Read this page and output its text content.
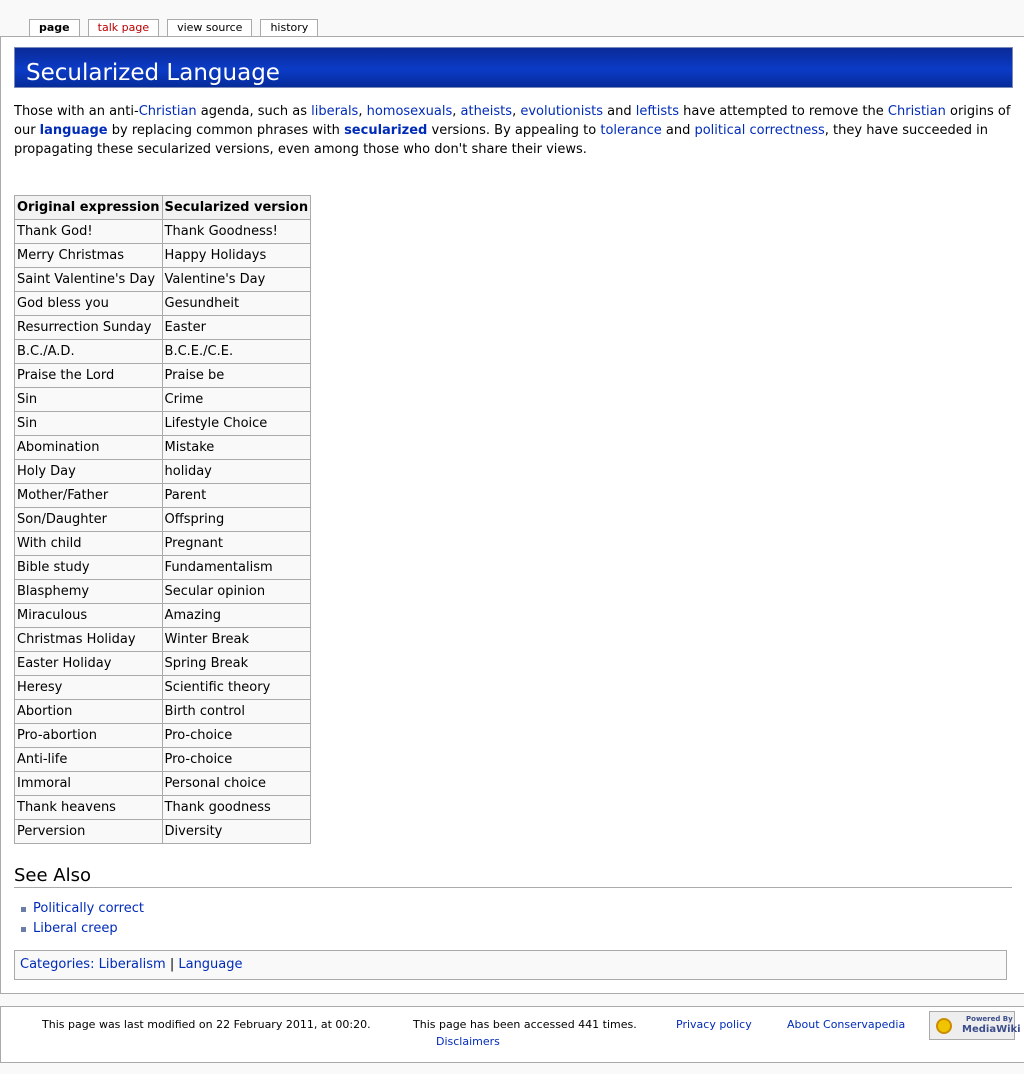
page	talk page	view source	history
Secularized Language

Those with an anti-Christian agenda, such as liberals, homosexuals, atheists, evolutionists and leftists have attempted to remove the Christian origins of our language by replacing common phrases with secularized versions. By appealing to tolerance and political correctness, they have succeeded in propagating these secularized versions, even among those who don't share their views.

Original expression	Secularized version
Thank God!	Thank Goodness!
Merry Christmas	Happy Holidays
Saint Valentine's Day	Valentine's Day
God bless you	Gesundheit
Resurrection Sunday	Easter
B.C./A.D.	B.C.E./C.E.
Praise the Lord	Praise be
Sin	Crime
Sin	Lifestyle Choice
Abomination	Mistake
Holy Day	holiday
Mother/Father	Parent
Son/Daughter	Offspring
With child	Pregnant
Bible study	Fundamentalism
Blasphemy	Secular opinion
Miraculous	Amazing
Christmas Holiday	Winter Break
Easter Holiday	Spring Break
Heresy	Scientific theory
Abortion	Birth control
Pro-abortion	Pro-choice
Anti-life	Pro-choice
Immoral	Personal choice
Thank heavens	Thank goodness
Perversion	Diversity
See Also
Politically correct
Liberal creep
Categories: Liberalism | Language
This page was last modified on 22 February 2011, at 00:20.	This page has been accessed 441 times.	Privacy policy	About Conservapedia
Disclaimers
Powered By
MediaWiki
